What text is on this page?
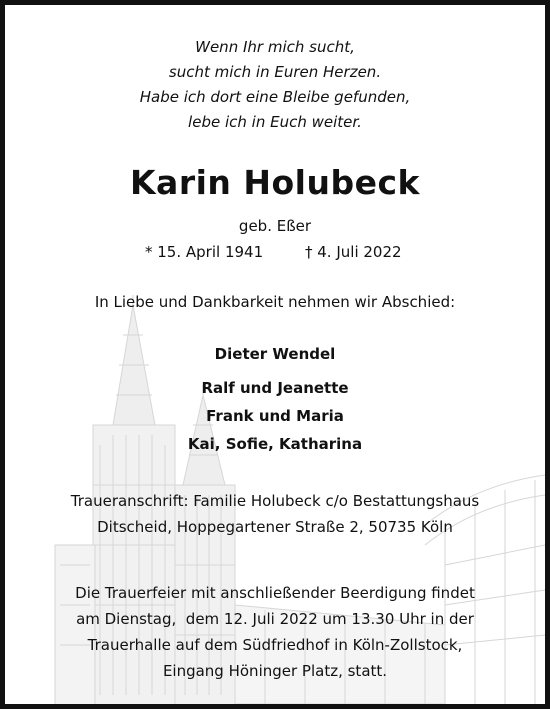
Wenn Ihr mich sucht,
sucht mich in Euren Herzen.
Habe ich dort eine Bleibe gefunden,
lebe ich in Euch weiter.
Karin Holubeck
geb. Eßer
* 15. April 1941	† 4. Juli 2022
In Liebe und Dankbarkeit nehmen wir Abschied:
Dieter Wendel
Ralf und Jeanette
Frank und Maria
Kai, Sofie, Katharina
Traueranschrift: Familie Holubeck c/o Bestattungshaus
Ditscheid, Hoppegartener Straße 2, 50735 Köln
Die Trauerfeier mit anschließender Beerdigung findet
am Dienstag,  dem 12. Juli 2022 um 13.30 Uhr in der
Trauerhalle auf dem Südfriedhof in Köln-Zollstock,
Eingang Höninger Platz, statt.
